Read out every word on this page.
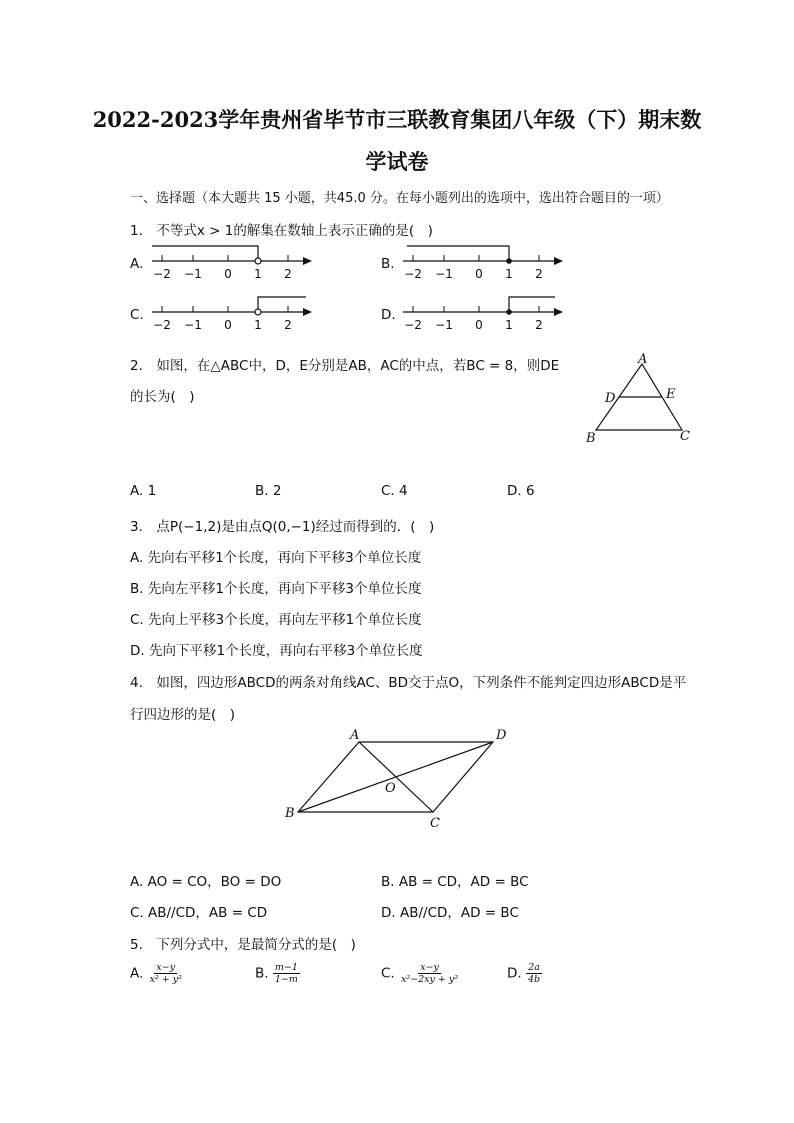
2022-2023学年贵州省毕节市三联教育集团八年级（下）期末数
学试卷
一、选择题（本大题共 15 小题，共45.0 分。在每小题列出的选项中，选出符合题目的一项）
1.　不等式x > 1的解集在数轴上表示正确的是(　)
A.	B.
C.	D.
−2 −1 0 1 2	−2 −1 0 1 2
−2 −1 0 1 2	−2 −1 0 1 2
2.　如图，在△ABC中，D，E分别是AB，AC的中点，若BC = 8，则DE
的长为(　)
A
B	C
D	E
A. 1	B. 2	C. 4	D. 6
3.　点P(−1,2)是由点Q(0,−1)经过而得到的．(　)
A. 先向右平移1个长度，再向下平移3个单位长度
B. 先向左平移1个长度，再向下平移3个单位长度
C. 先向上平移3个长度，再向左平移1个单位长度
D. 先向下平移1个长度，再向右平移3个单位长度
4.　如图，四边形ABCD的两条对角线AC、BD交于点O，下列条件不能判定四边形ABCD是平
行四边形的是(　)
A
B
C
D
O
A. AO = CO，BO = DO	B. AB = CD，AD = BC
C. AB//CD，AB = CD	D. AB//CD，AD = BC
5.　下列分式中，是最简分式的是(　)
A. $\frac{x-y}{\text{x² + y²}}$	B. $\frac{m-1}{1-m}$	C. $\frac{x-y}{\text{x²−2xy + y²}}$	D. $\frac{2a}{4b}$
